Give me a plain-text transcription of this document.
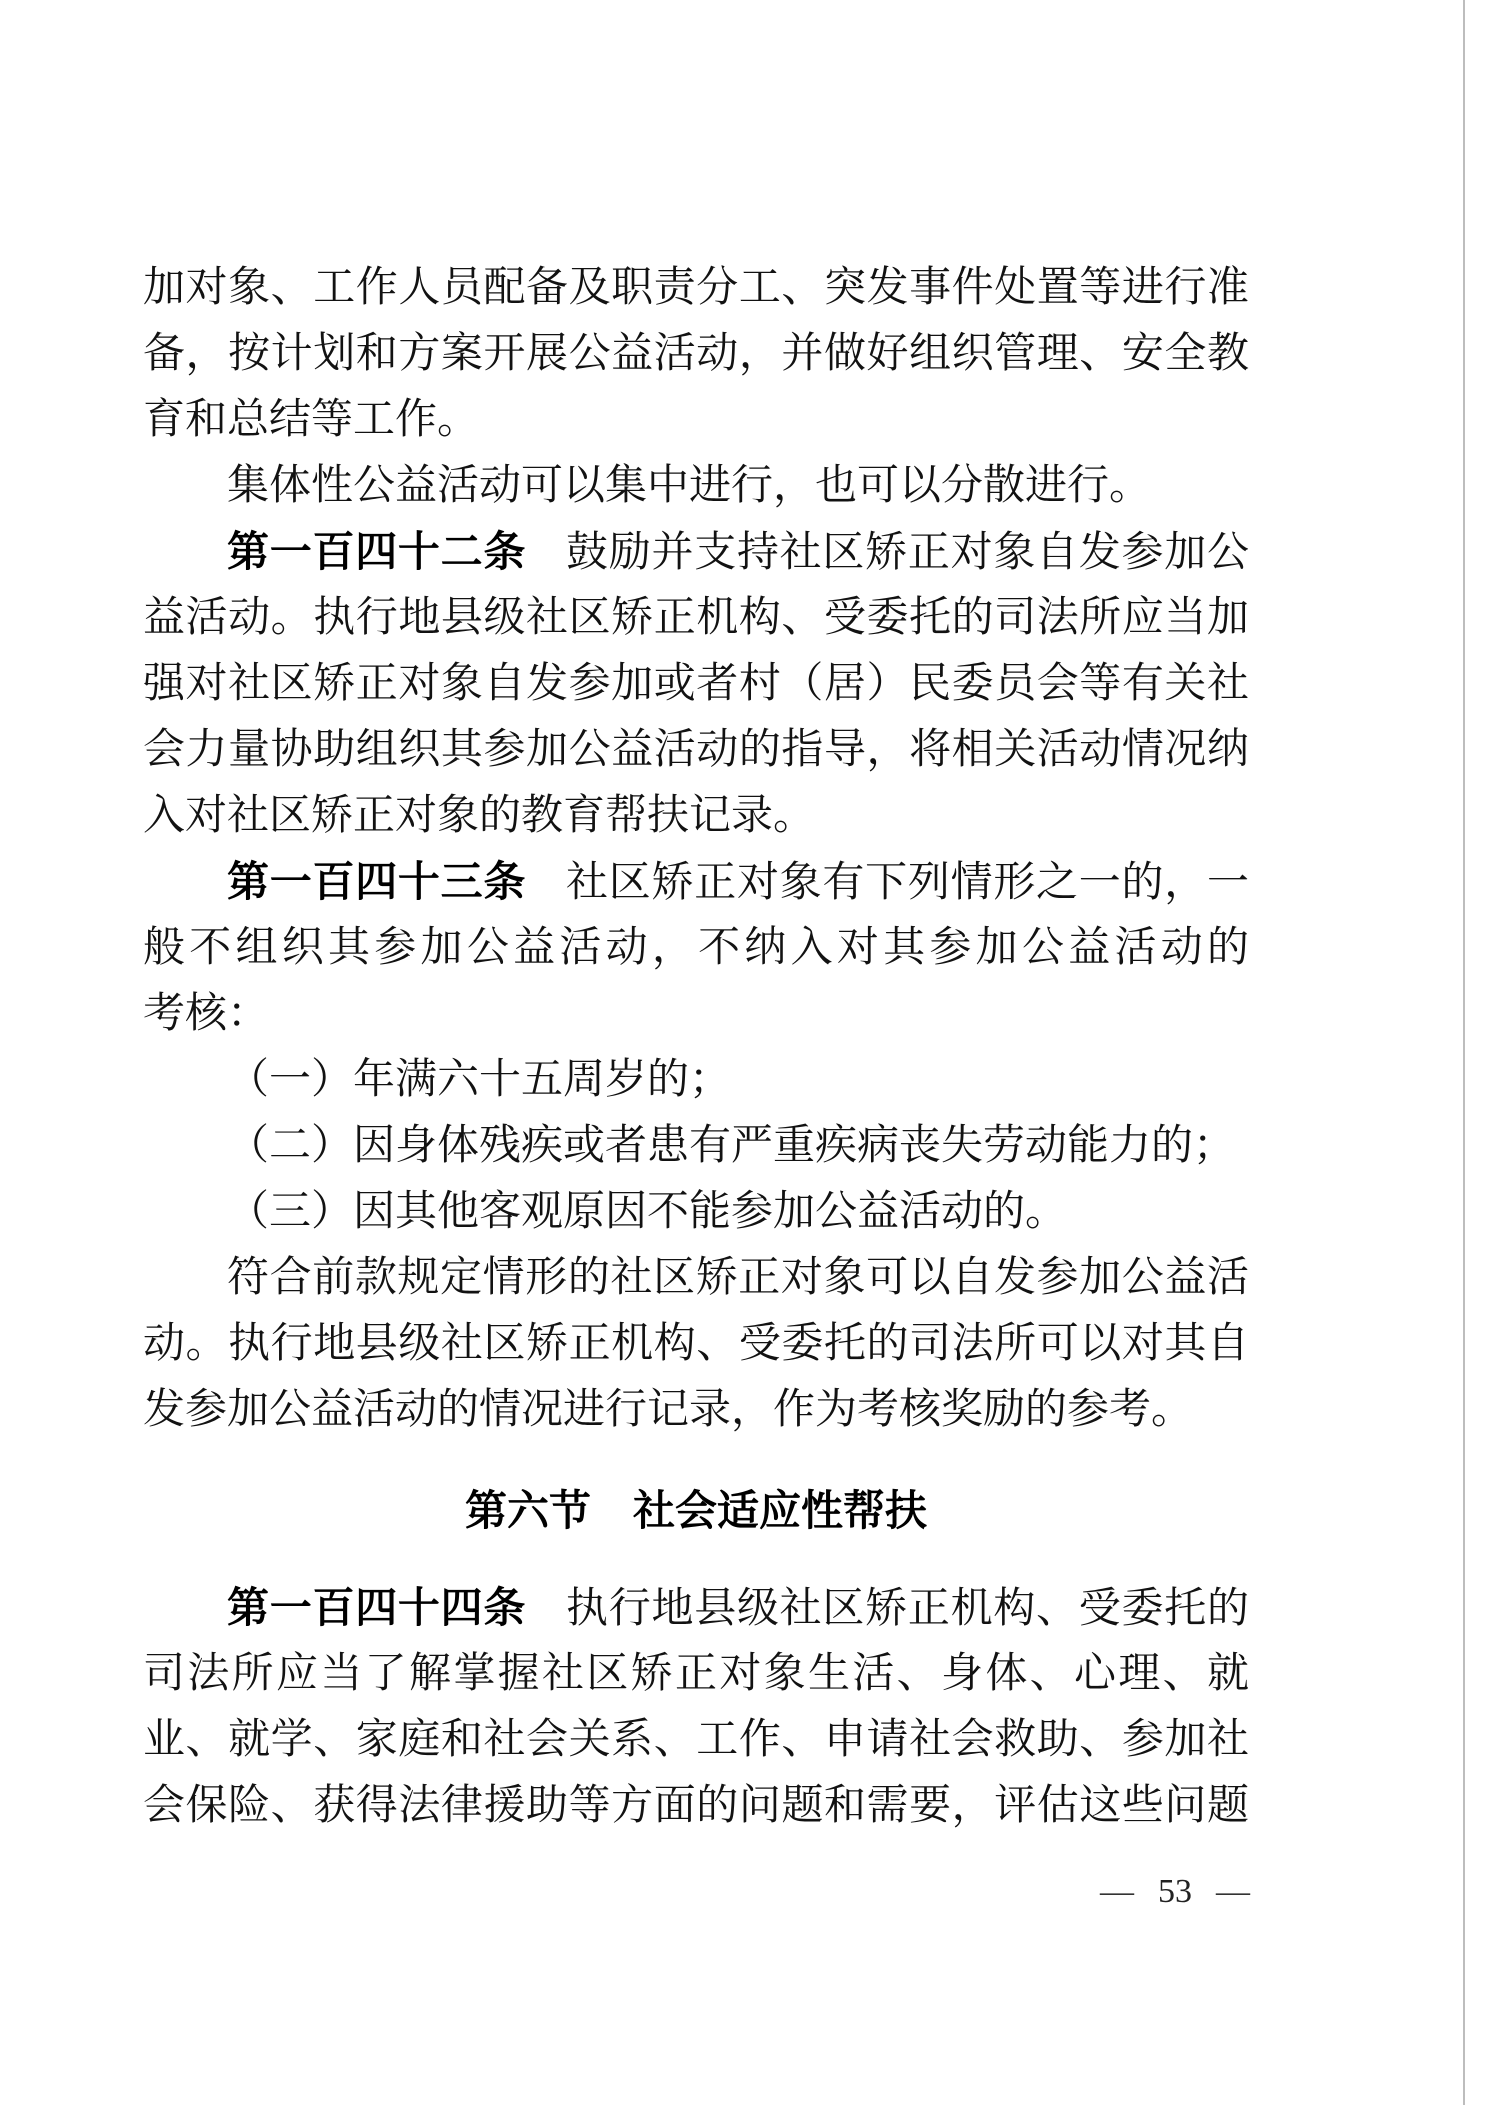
加对象、工作人员配备及职责分工、突发事件处置等进行准
备，按计划和方案开展公益活动，并做好组织管理、安全教
育和总结等工作。
集体性公益活动可以集中进行，也可以分散进行。
第一百四十二条 鼓励并支持社区矫正对象自发参加公
益活动。执行地县级社区矫正机构、受委托的司法所应当加
强对社区矫正对象自发参加或者村（居）民委员会等有关社
会力量协助组织其参加公益活动的指导，将相关活动情况纳
入对社区矫正对象的教育帮扶记录。
第一百四十三条 社区矫正对象有下列情形之一的，一
般不组织其参加公益活动，不纳入对其参加公益活动的
考核：
（一）年满六十五周岁的；
（二）因身体残疾或者患有严重疾病丧失劳动能力的；
（三）因其他客观原因不能参加公益活动的。
符合前款规定情形的社区矫正对象可以自发参加公益活
动。执行地县级社区矫正机构、受委托的司法所可以对其自
发参加公益活动的情况进行记录，作为考核奖励的参考。
第六节 社会适应性帮扶
第一百四十四条 执行地县级社区矫正机构、受委托的
司法所应当了解掌握社区矫正对象生活、身体、心理、就
业、就学、家庭和社会关系、工作、申请社会救助、参加社
会保险、获得法律援助等方面的问题和需要，评估这些问题
— 53 —
